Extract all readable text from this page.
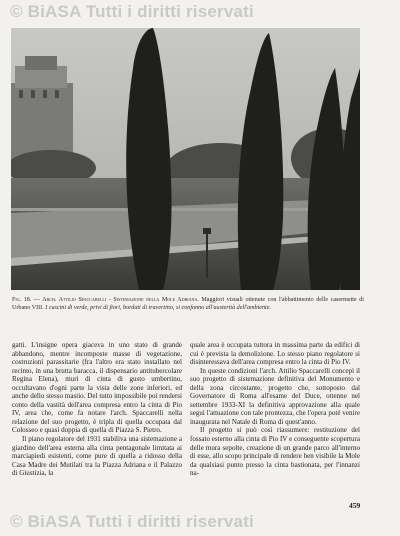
© BiASA Tutti i diritti riservati
Fig. 18. — Arch. Attilio Spaccarelli - Sistemazione della Mole Adriana. Maggiori visuali ottenute con l'abbattimento delle casermette di Urbano VIII. I cuscini di verde, privi di fiori, bordati di travertino, si confanno all'austerità dell'ambiente.

gatti. L'insigne opera giaceva in uno stato di grande abbandono, mentre incomposte masse di vegetazione, costruzioni parassitarie (fra l'altro era stato installato nel recinto, in una brutta baracca, il dispensario antitubercolare Regina Elena), muri di cinta di gusto umbertino, occultavano d'ogni parte la vista delle zone inferiori, ed anche dello stesso mastio. Del tutto impossibile poi rendersi conto della vastità dell'area compresa entro la cinta di Pio IV, area che, come fa notare l'arch. Spaccarelli nella relazione del suo progetto, è tripla di quella occupata dal Colosseo e quasi doppia di quella di Piazza S. Pietro.

Il piano regolatore del 1931 stabiliva una sistemazione a giardino dell'area esterna alla cinta pentagonale limitata ai marciapiedi esistenti, come pure di quella a ridosso della Casa Madre dei Mutilati tra la Piazza Adriana e il Palazzo di Giustizia, la

quale area è occupata tuttora in massima parte da edifici di cui è prevista la demolizione. Lo stesso piano regolatore si disinteressava dell'area compresa entro la cinta di Pio IV.

In queste condizioni l'arch. Attilio Spaccarelli concepì il suo progetto di sistemazione definitiva del Monumento e della zona circostante, progetto che, sottoposto dal Governatore di Roma all'esame del Duce, ottenne nel settembre 1933-XI la definitiva approvazione alla quale seguì l'attuazione con tale prontezza, che l'opera poté venire inaugurata nel Natale di Roma di quest'anno.

Il progetto si può così riassumere: restituzione del fossato esterno alla cinta di Pio IV e conseguente scopertura delle mura sepolte, creazione di un grande parco all'interno di esse, allo scopo principale di rendere ben visibile la Mole da qualsiasi punto presso la cinta bastionata, per l'innanzi na-

459
© BiASA Tutti i diritti riservati
